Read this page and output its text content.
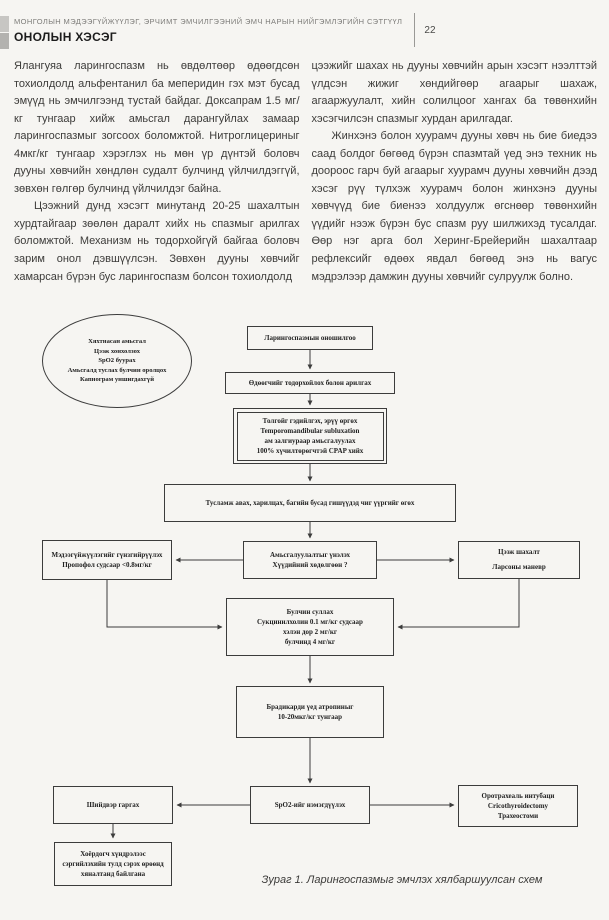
МОНГОЛЫН МЭДЭЭГҮЙЖҮҮЛЭГ, ЭРЧИМТ ЭМЧИЛГЭЭНИЙ ЭМЧ НАРЫН НИЙГЭМЛЭГИЙН СЭТГҮҮЛ
ОНОЛЫН ХЭСЭГ	22

Ялангуяа ларингоспазм нь өвдөлтөөр өдөөгдсөн тохиолдолд альфентанил ба меперидин гэх мэт бусад эмүүд нь эмчилгээнд тустай байдаг. Доксапрам 1.5 мг/кг тунгаар хийж амьсгал дарангуйлах замаар ларингоспазмыг зогсоох боломжтой. Нитроглицериныг 4мкг/кг тунгаар хэрэглэх нь мөн үр дүнтэй боловч дууны хөвчийн хөндлөн судалт булчинд үйлчилдэггүй, зөвхөн гөлгөр булчинд үйлчилдэг байна.

Цээжний дунд хэсэгт минутанд 20-25 шахалтын хурдтайгаар зөөлөн даралт хийх нь спазмыг арилгах боломжтой. Механизм нь тодорхойгүй байгаа боловч зарим онол дэвшүүлсэн. Зөвхөн дууны хөвчийг хамарсан бүрэн бус ларингоспазм болсон тохиолдолд

цээжийг шахах нь дууны хөвчийн арын хэсэгт нээлттэй үлдсэн жижиг хөндийгөөр агаарыг шахаж, агааржуулалт, хийн солилцоог хангах ба төвөнхийн хэсэгчилсэн спазмыг хурдан арилгадаг.

Жинхэнэ болон хуурамч дууны хөвч нь бие биедээ саад болдог бөгөөд бүрэн спазмтай үед энэ техник нь доороос гарч буй агаарыг хуурамч дууны хөвчийн дээд хэсэг рүү түлхэж хуурамч болон жинхэнэ дууны хөвчүүд бие биенээ холдуулж өгснөөр төвөнхийн үүдийг нээж бүрэн бус спазм руу шилжихэд тусалдаг. Өөр нэг арга бол Херинг-Брейерийн шахалтаар рефлексийг өдөөх явдал бөгөөд энэ нь вагус мэдрэлээр дамжин дууны хөвчийг сулруулж болно.

Хяхтнасан амьсгал
Цээж хонхолзох
SpO2 буурах
Амьсгалд туслах булчин оролцох
Капнограм уншигдахгүй
Ларингоспазмын оношилгоо
Өдөөгчийг тодорхойлох болон арилгах
Толгойг гэдийлгэх, эрүү өргөх
Temporomandibular subluxation
ам залгиураар амьсгалуулах
100% хүчилтөрөгчтэй CPAP хийх
Тусламж авах, харилцах, багийн бусад гишүүдэд чиг үүргийг өгөх
Мэдээгүйжүүлэгийг гүнзгийрүүлэх
Пропофол судсаар <0.8мг/кг
Амьсгалуулалтыг үнэлэх
Хүүдийний хөдөлгөөн ?
Цээж шахалт
Ларсоны маневр
Булчин суллах
Сукцинилхолин 0.1 мг/кг судсаар
хэлэн дор 2 мг/кг
булчинд 4 мг/кг
Брадикарди үед атропиныг
10-20мкг/кг тунгаар
Шийдвэр гаргах	SpO2-ийг нэмэгдүүлэх
Оротрахеаль интубаци
Cricothyroidectomy
Трахеостоми
Хоёрдогч хүндрэлээс
сэргийлэхийн тулд сэрэх өрөөнд
хяналтанд байлгана	Зураг 1. Ларингоспазмыг эмчлэх хялбаршуулсан схем
